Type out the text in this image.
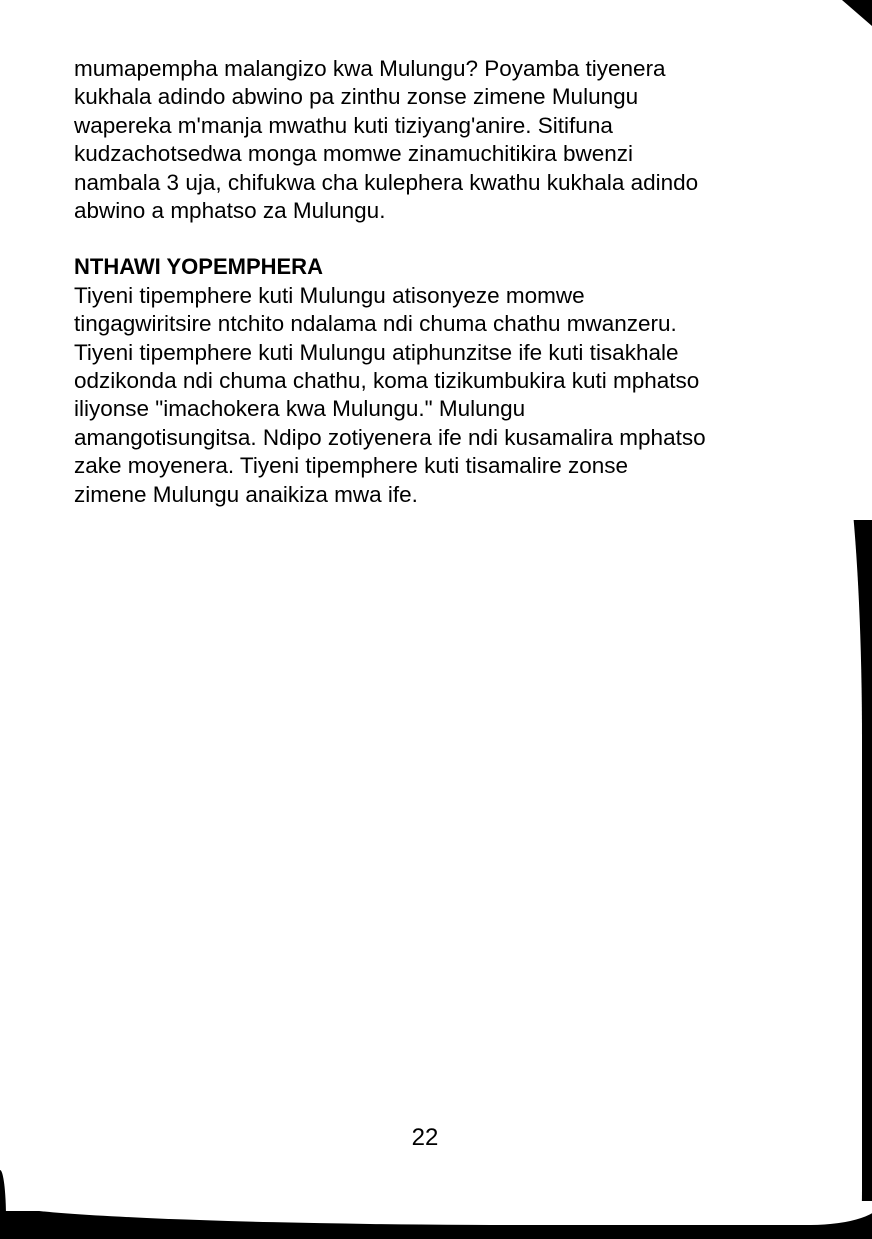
mumapempha malangizo kwa Mulungu? Poyamba tiyenera
kukhala adindo abwino pa zinthu zonse zimene Mulungu
wapereka m'manja mwathu kuti tiziyang'anire. Sitifuna
kudzachotsedwa monga momwe zinamuchitikira bwenzi
nambala 3 uja, chifukwa cha kulephera kwathu kukhala adindo
abwino a mphatso za Mulungu.

NTHAWI YOPEMPHERA

Tiyeni tipemphere kuti Mulungu atisonyeze momwe
tingagwiritsire ntchito ndalama ndi chuma chathu mwanzeru.
Tiyeni tipemphere kuti Mulungu atiphunzitse ife kuti tisakhale
odzikonda ndi chuma chathu, koma tizikumbukira kuti mphatso
iliyonse "imachokera kwa Mulungu." Mulungu
amangotisungitsa. Ndipo zotiyenera ife ndi kusamalira mphatso
zake moyenera. Tiyeni tipemphere kuti tisamalire zonse
zimene Mulungu anaikiza mwa ife.

22
